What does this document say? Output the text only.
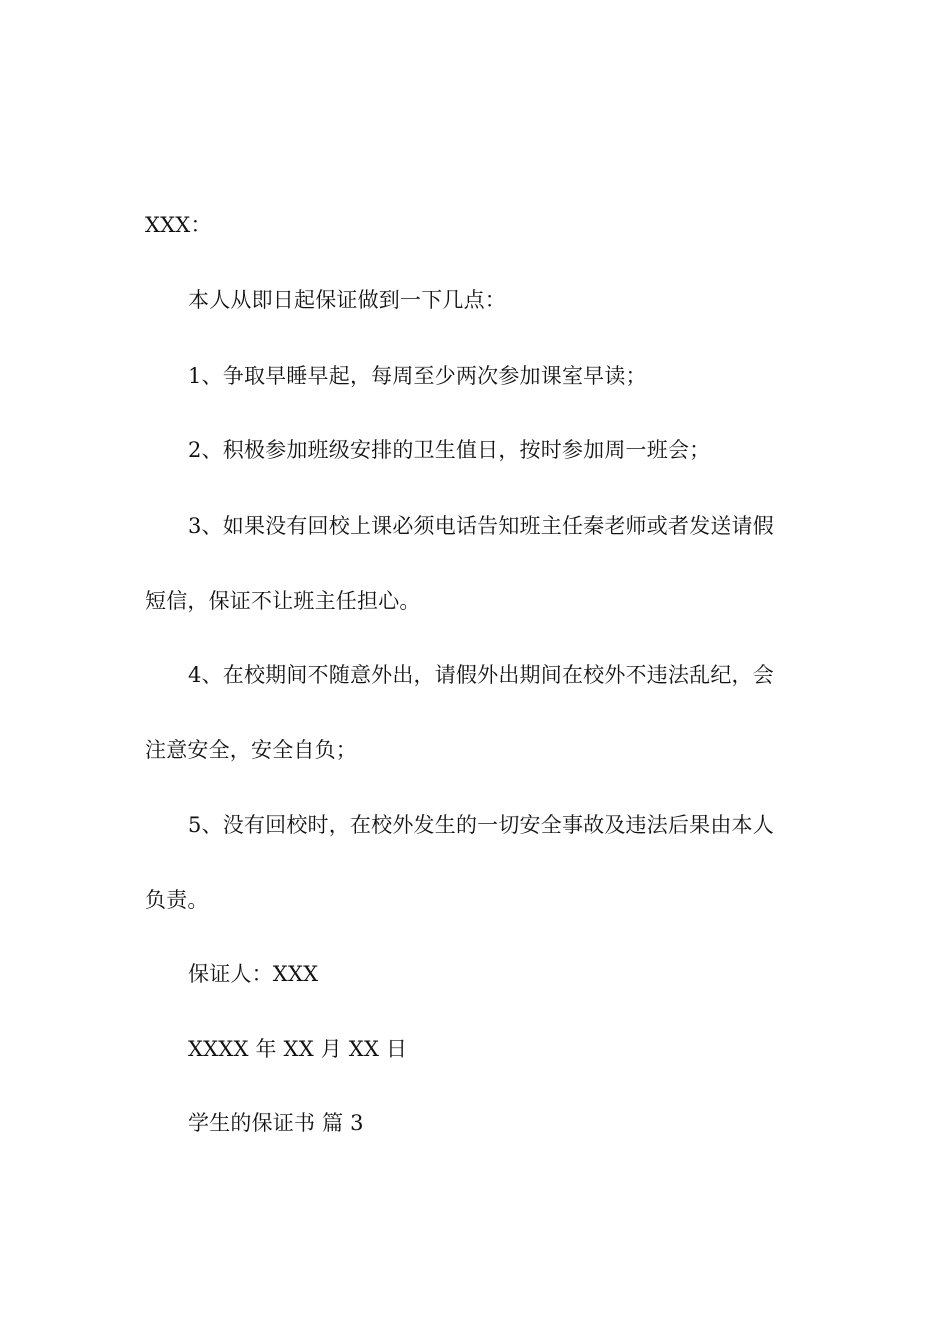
XXX：
本人从即日起保证做到一下几点：
1、争取早睡早起，每周至少两次参加课室早读；
2、积极参加班级安排的卫生值日，按时参加周一班会；
3、如果没有回校上课必须电话告知班主任秦老师或者发送请假
短信，保证不让班主任担心。
4、在校期间不随意外出，请假外出期间在校外不违法乱纪，会
注意安全，安全自负；
5、没有回校时，在校外发生的一切安全事故及违法后果由本人
负责。
保证人：XXX
XXXX 年 XX 月 XX 日
学生的保证书 篇 3
